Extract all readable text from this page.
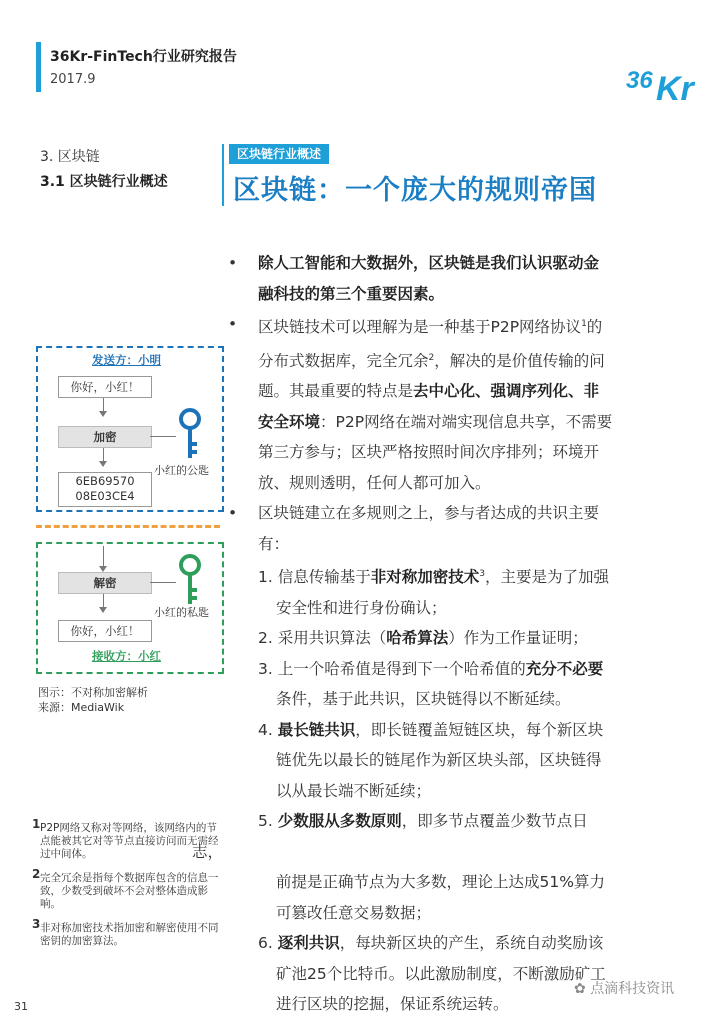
36Kr-FinTech行业研究报告
2017.9	36 Kr
3. 区块链
3.1 区块链行业概述
区块链行业概述
区块链：一个庞大的规则帝国

• 除人工智能和大数据外，区块链是我们认识驱动金
融科技的第三个重要因素。

• 区块链技术可以理解为是一种基于P2P网络协议$^1$的
分布式数据库，完全冗余$^2$，解决的是价值传输的问
题。其最重要的特点是去中心化、强调序列化、非
安全环境：P2P网络在端对端实现信息共享，不需要
第三方参与；区块严格按照时间次序排列；环境开
放、规则透明，任何人都可加入。

• 区块链建立在多规则之上，参与者达成的共识主要
有：

1. 信息传输基于非对称加密技术$^3$，主要是为了加强

安全性和进行身份确认；

2. 采用共识算法（哈希算法）作为工作量证明；

3. 上一个哈希值是得到下一个哈希值的充分不必要

条件，基于此共识，区块链得以不断延续。

4. 最长链共识，即长链覆盖短链区块，每个新区块

链优先以最长的链尾作为新区块头部，区块链得

以从最长端不断延续；

5. 少数服从多数原则，即多节点覆盖少数节点日

志，

前提是正确节点为大多数，理论上达成51%算力

可篡改任意交易数据；

6. 逐利共识，每块新区块的产生，系统自动奖励该

矿池25个比特币。以此激励制度，不断激励矿工

进行区块的挖掘，保证系统运转。

发送方：小明
你好，小红！
加密
6EB69570
08E03CE4
小红的公匙
解密
小红的私匙
你好，小红！
接收方：小红
图示：不对称加密解析
来源：MediaWik
1 P2P网络又称对等网络，该网络内的节点能被其它对等节点直接访问而无需经过中间体。
2 完全冗余是指每个数据库包含的信息一致，少数受到破坏不会对整体造成影响。
3 非对称加密技术指加密和解密使用不同密钥的加密算法。
31
✿ 点滴科技资讯
